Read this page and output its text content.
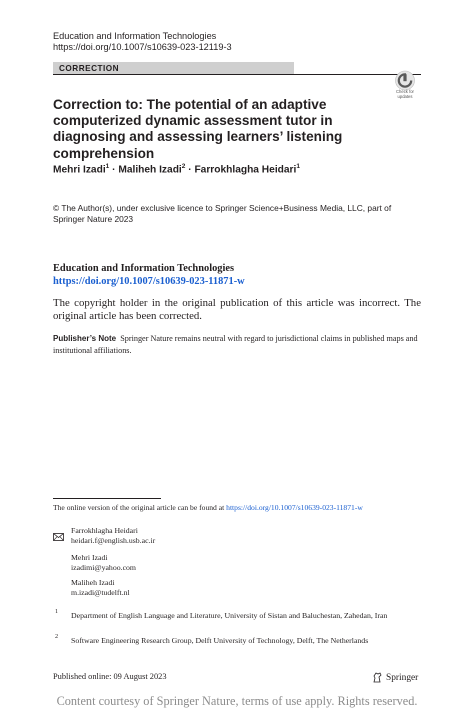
Education and Information Technologies
https://doi.org/10.1007/s10639-023-12119-3
CORRECTION
Check for
updates
Correction to: The potential of an adaptive computerized dynamic assessment tutor in diagnosing and assessing learners’ listening comprehension
Mehri Izadi$^1$ · Maliheh Izadi$^2$ · Farrokhlagha Heidari$^1$
© The Author(s), under exclusive licence to Springer Science+Business Media, LLC, part of Springer Nature 2023
Education and Information Technologies
https://doi.org/10.1007/s10639-023-11871-w
The copyright holder in the original publication of this article was incorrect. The original article has been corrected.
Publisher’s Note Springer Nature remains neutral with regard to jurisdictional claims in published maps and institutional affiliations.
The online version of the original article can be found at https://doi.org/10.1007/s10639-023-11871-w
Farrokhlagha Heidari
heidari.f@english.usb.ac.ir
Mehri Izadi
izadimi@yahoo.com
Maliheh Izadi
m.izadi@tudelft.nl
1 Department of English Language and Literature, University of Sistan and Baluchestan, Zahedan, Iran
2 Software Engineering Research Group, Delft University of Technology, Delft, The Netherlands
Published online: 09 August 2023	Springer
Content courtesy of Springer Nature, terms of use apply. Rights reserved.
